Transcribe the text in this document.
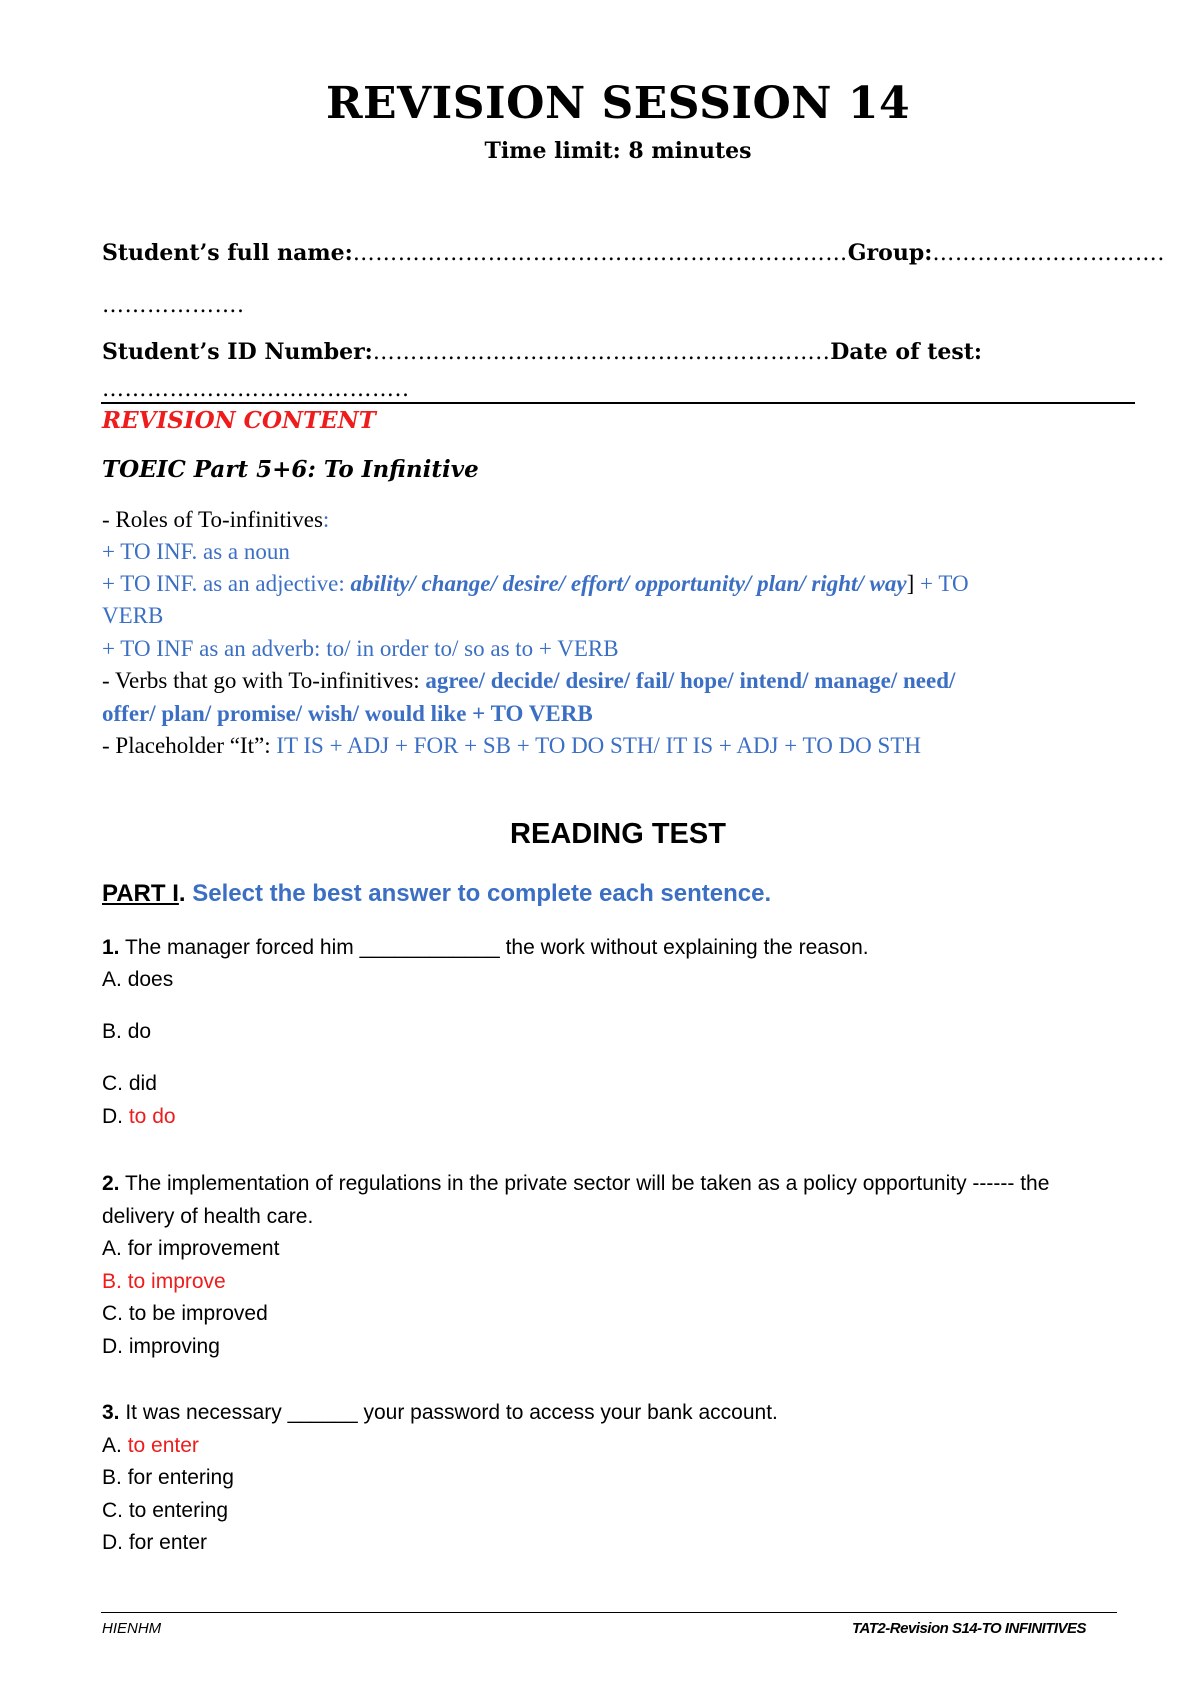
REVISION SESSION 14
Time limit: 8 minutes
Student’s full name:…………………………………………………………Group:………………………….
……………….
Student’s ID Number:………………..…………………………………..Date of test:
…………………………………..
REVISION CONTENT
TOEIC Part 5+6: To Infinitive
- Roles of To-infinitives:
+ TO INF. as a noun
+ TO INF. as an adjective: ability/ change/ desire/ effort/ opportunity/ plan/ right/ way] + TO
VERB
+ TO INF as an adverb: to/ in order to/ so as to + VERB
- Verbs that go with To-infinitives: agree/ decide/ desire/ fail/ hope/ intend/ manage/ need/
offer/ plan/ promise/ wish/ would like + TO VERB
- Placeholder “It”: IT IS + ADJ + FOR + SB + TO DO STH/ IT IS + ADJ + TO DO STH
READING TEST
PART I. Select the best answer to complete each sentence.
1. The manager forced him ____________ the work without explaining the reason.
A. does
B. do
C. did
D. to do
2. The implementation of regulations in the private sector will be taken as a policy opportunity ------ the
delivery of health care.
A. for improvement
B. to improve
C. to be improved
D. improving
3. It was necessary ______ your password to access your bank account.
A. to enter
B. for entering
C. to entering
D. for enter
HIENHM	TAT2-Revision S14-TO INFINITIVES
